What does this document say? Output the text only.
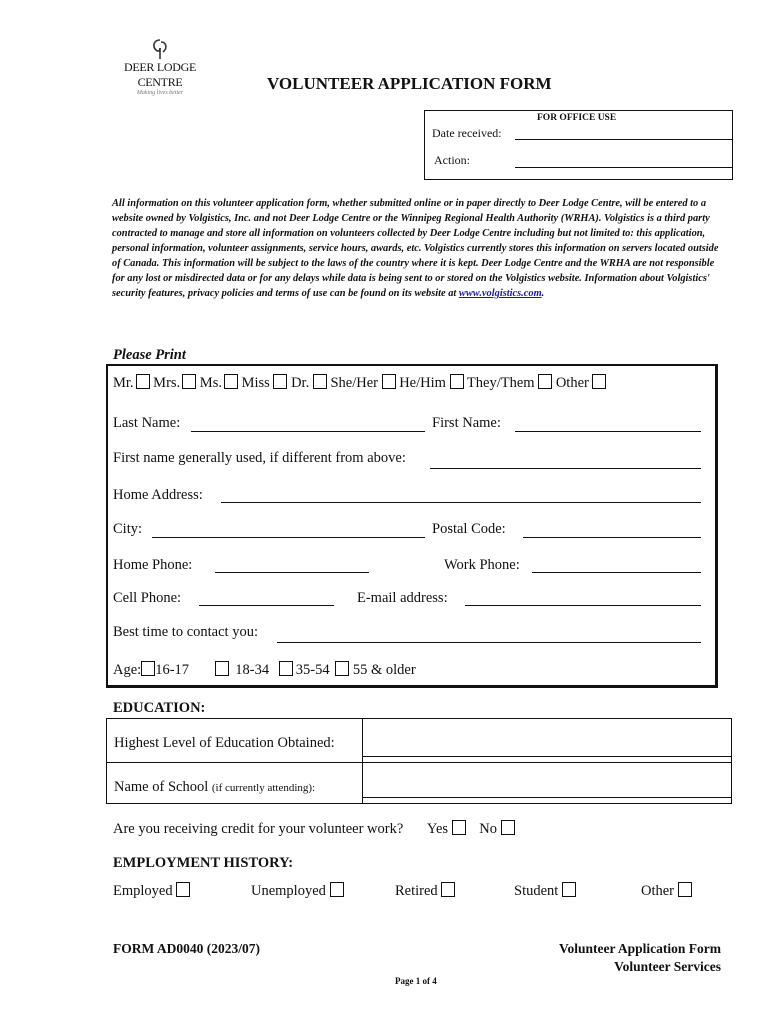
DEER LODGE CENTRE
Making lives better	VOLUNTEER APPLICATION FORM
FOR OFFICE USE
Date received:
Action:
All information on this volunteer application form, whether submitted online or in paper directly to Deer Lodge Centre, will be entered to a website owned by Volgistics, Inc. and not Deer Lodge Centre or the Winnipeg Regional Health Authority (WRHA). Volgistics is a third party contracted to manage and store all information on volunteers collected by Deer Lodge Centre including but not limited to: this application, personal information, volunteer assignments, service hours, awards, etc. Volgistics currently stores this information on servers located outside of Canada. This information will be subject to the laws of the country where it is kept. Deer Lodge Centre and the WRHA are not responsible for any lost or misdirected data or for any delays while data is being sent to or stored on the Volgistics website. Information about Volgistics' security features, privacy policies and terms of use can be found on its website at www.volgistics.com.
Please Print
Mr. Mrs. Ms. Miss Dr. She/Her He/Him They/Them Other
Last Name:	First Name:
First name generally used, if different from above:
Home Address:
City:	Postal Code:
Home Phone:	Work Phone:
Cell Phone:	E-mail address:
Best time to contact you:
Age: 16-17	18-34 35-54 55 & older
EDUCATION:
Highest Level of Education Obtained:
Name of School (if currently attending):
Are you receiving credit for your volunteer work? Yes No
EMPLOYMENT HISTORY:
Employed	Unemployed	Retired	Student	Other
FORM AD0040 (2023/07)	Volunteer Application Form
Volunteer Services
Page 1 of 4
